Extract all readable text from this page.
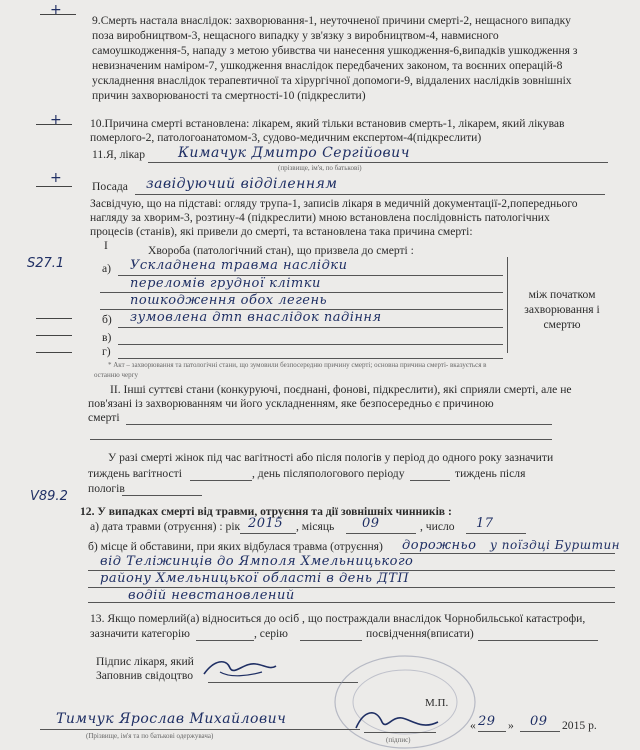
+
+
+
9.Смерть настала внаслідок: захворювання-1, неуточненої причини смерті-2, нещасного випадку
поза виробництвом-3, нещасного випадку у зв'язку з виробництвом-4, навмисного
самоушкодження-5, нападу з метою убивства чи нанесення ушкодження-6,випадків ушкодження з
невизначеним наміром-7, ушкодження внаслідок передбачених законом, та воєнних операцій-8
ускладнення внаслідок терапевтичної та хірургічної допомоги-9, віддалених наслідків зовнішніх
причин захворюваності та смертності-10 (підкреслити)
10.Причина смерті встановлена: лікарем, який тільки встановив смерть-1, лікарем, який лікував
померлого-2, патологоанатомом-3, судово-медичним експертом-4(підкреслити)
11.Я, лікар Кимачук Дмитро Сергійович
(прізвище, ім'я, по батькові)
Посада завідуючий відділенням
Засвідчую, що на підставі: огляду трупа-1, записів лікаря в медичній документації-2,попереднього
нагляду за хворим-3, розтину-4 (підкреслити) мною встановлена послідовність патологічних
процесів (станів), які привели до смерті, та встановлена така причина смерті:
S27.1
І	Хвороба (патологічний стан), що призвела до смерті :
а) Ускладнена травма наслідки
переломів грудної клітки
пошкодження обох легень
б) зумовлена дтп внаслідок падіння
в)
г)
між початком
захворювання і
смертю
* Акт – захворювання та патологічні стани, що зумовили безпосередню причину смерті; основна причина смерті- вказується в
останню чергу
ІІ. Інші суттєві стани (конкуруючі, поєднані, фонові, підкреслити), які сприяли смерті, але не
пов'язані із захворюванням чи його ускладненням, яке безпосередньо є причиною
смерті
У разі смерті жінок під час вагітності або після пологів у період до одного року зазначити
тиждень вагітності	, день післяпологового періоду	тиждень після
пологів
V89.2
12. У випадках смерті від травми, отруєння та дії зовнішніх чинників :
а) дата травми (отруєння) : рік 2015 , місяць 09	, число 17
б) місце й обставини, при яких відбулася травма (отруєння) дорожньо у поїздці Бурштин
від Теліжинців до Ямполя Хмельницького
району Хмельницької області в день ДТП
водій невстановлений
13. Якщо померлий(а) відноситься до осіб , що постраждали внаслідок Чорнобильської катастрофи,
зазначити категорію	, серію	посвідчення(вписати)
Підпис лікаря, який
Заповнив свідоцтво
М.П.
Тимчук Ярослав Михайлович
(Прізвище, ім'я та по батькові одержувача)	(підпис)
« 29 » 09 2015 р.
